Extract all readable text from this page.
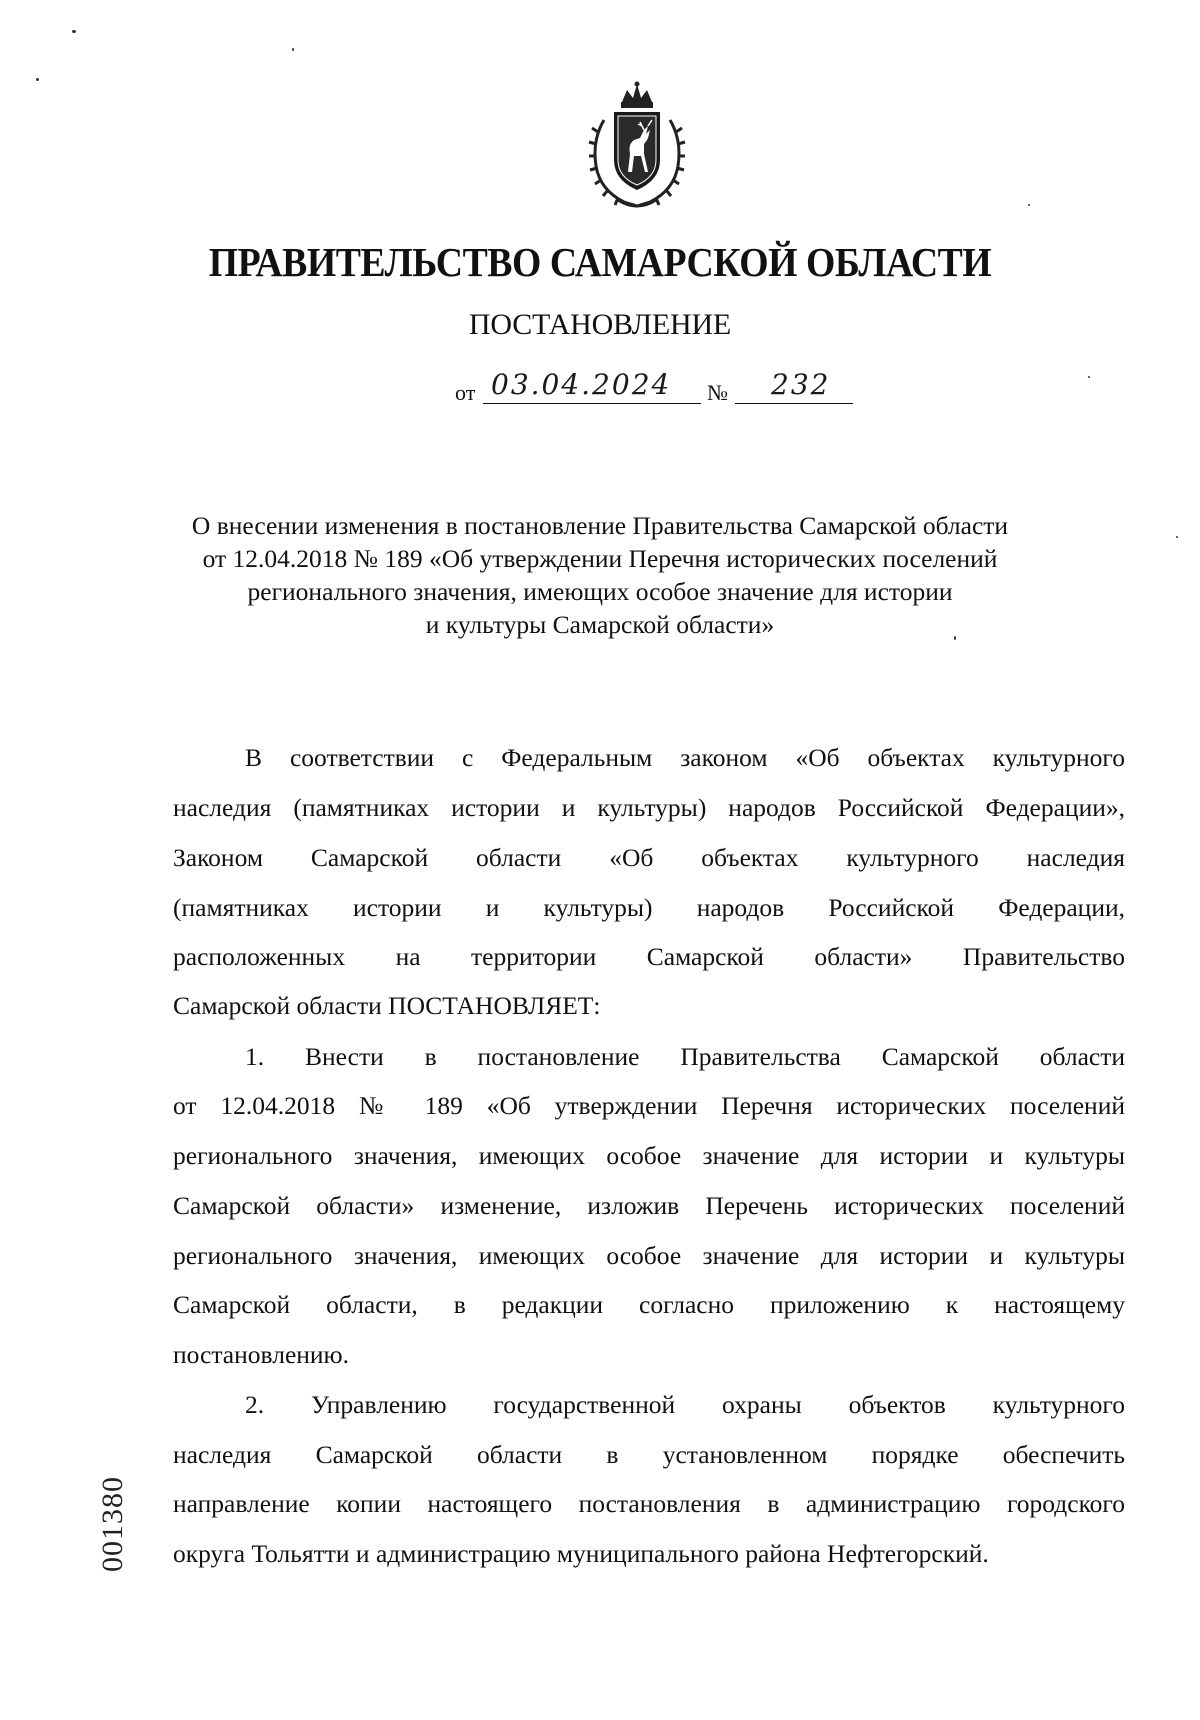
ПРАВИТЕЛЬСТВО САМАРСКОЙ ОБЛАСТИ
ПОСТАНОВЛЕНИЕ
от 03.04.2024	№	232
О внесении изменения в постановление Правительства Самарской области
от 12.04.2018 № 189 «Об утверждении Перечня исторических поселений
регионального значения, имеющих особое значение для истории
и культуры Самарской области»
В соответствии с Федеральным законом «Об объектах культурного
наследия (памятниках истории и культуры) народов Российской Федерации»,
Законом Самарской области «Об объектах культурного наследия
(памятниках истории и культуры) народов Российской Федерации,
расположенных на территории Самарской области» Правительство
Самарской области ПОСТАНОВЛЯЕТ:
1. Внести в постановление Правительства Самарской области
от 12.04.2018 № 189 «Об утверждении Перечня исторических поселений
регионального значения, имеющих особое значение для истории и культуры
Самарской области» изменение, изложив Перечень исторических поселений
регионального значения, имеющих особое значение для истории и культуры
Самарской области, в редакции согласно приложению к настоящему
постановлению.
2. Управлению государственной охраны объектов культурного
наследия Самарской области в установленном порядке обеспечить
направление копии настоящего постановления в администрацию городского
округа Тольятти и администрацию муниципального района Нефтегорский.
001380
